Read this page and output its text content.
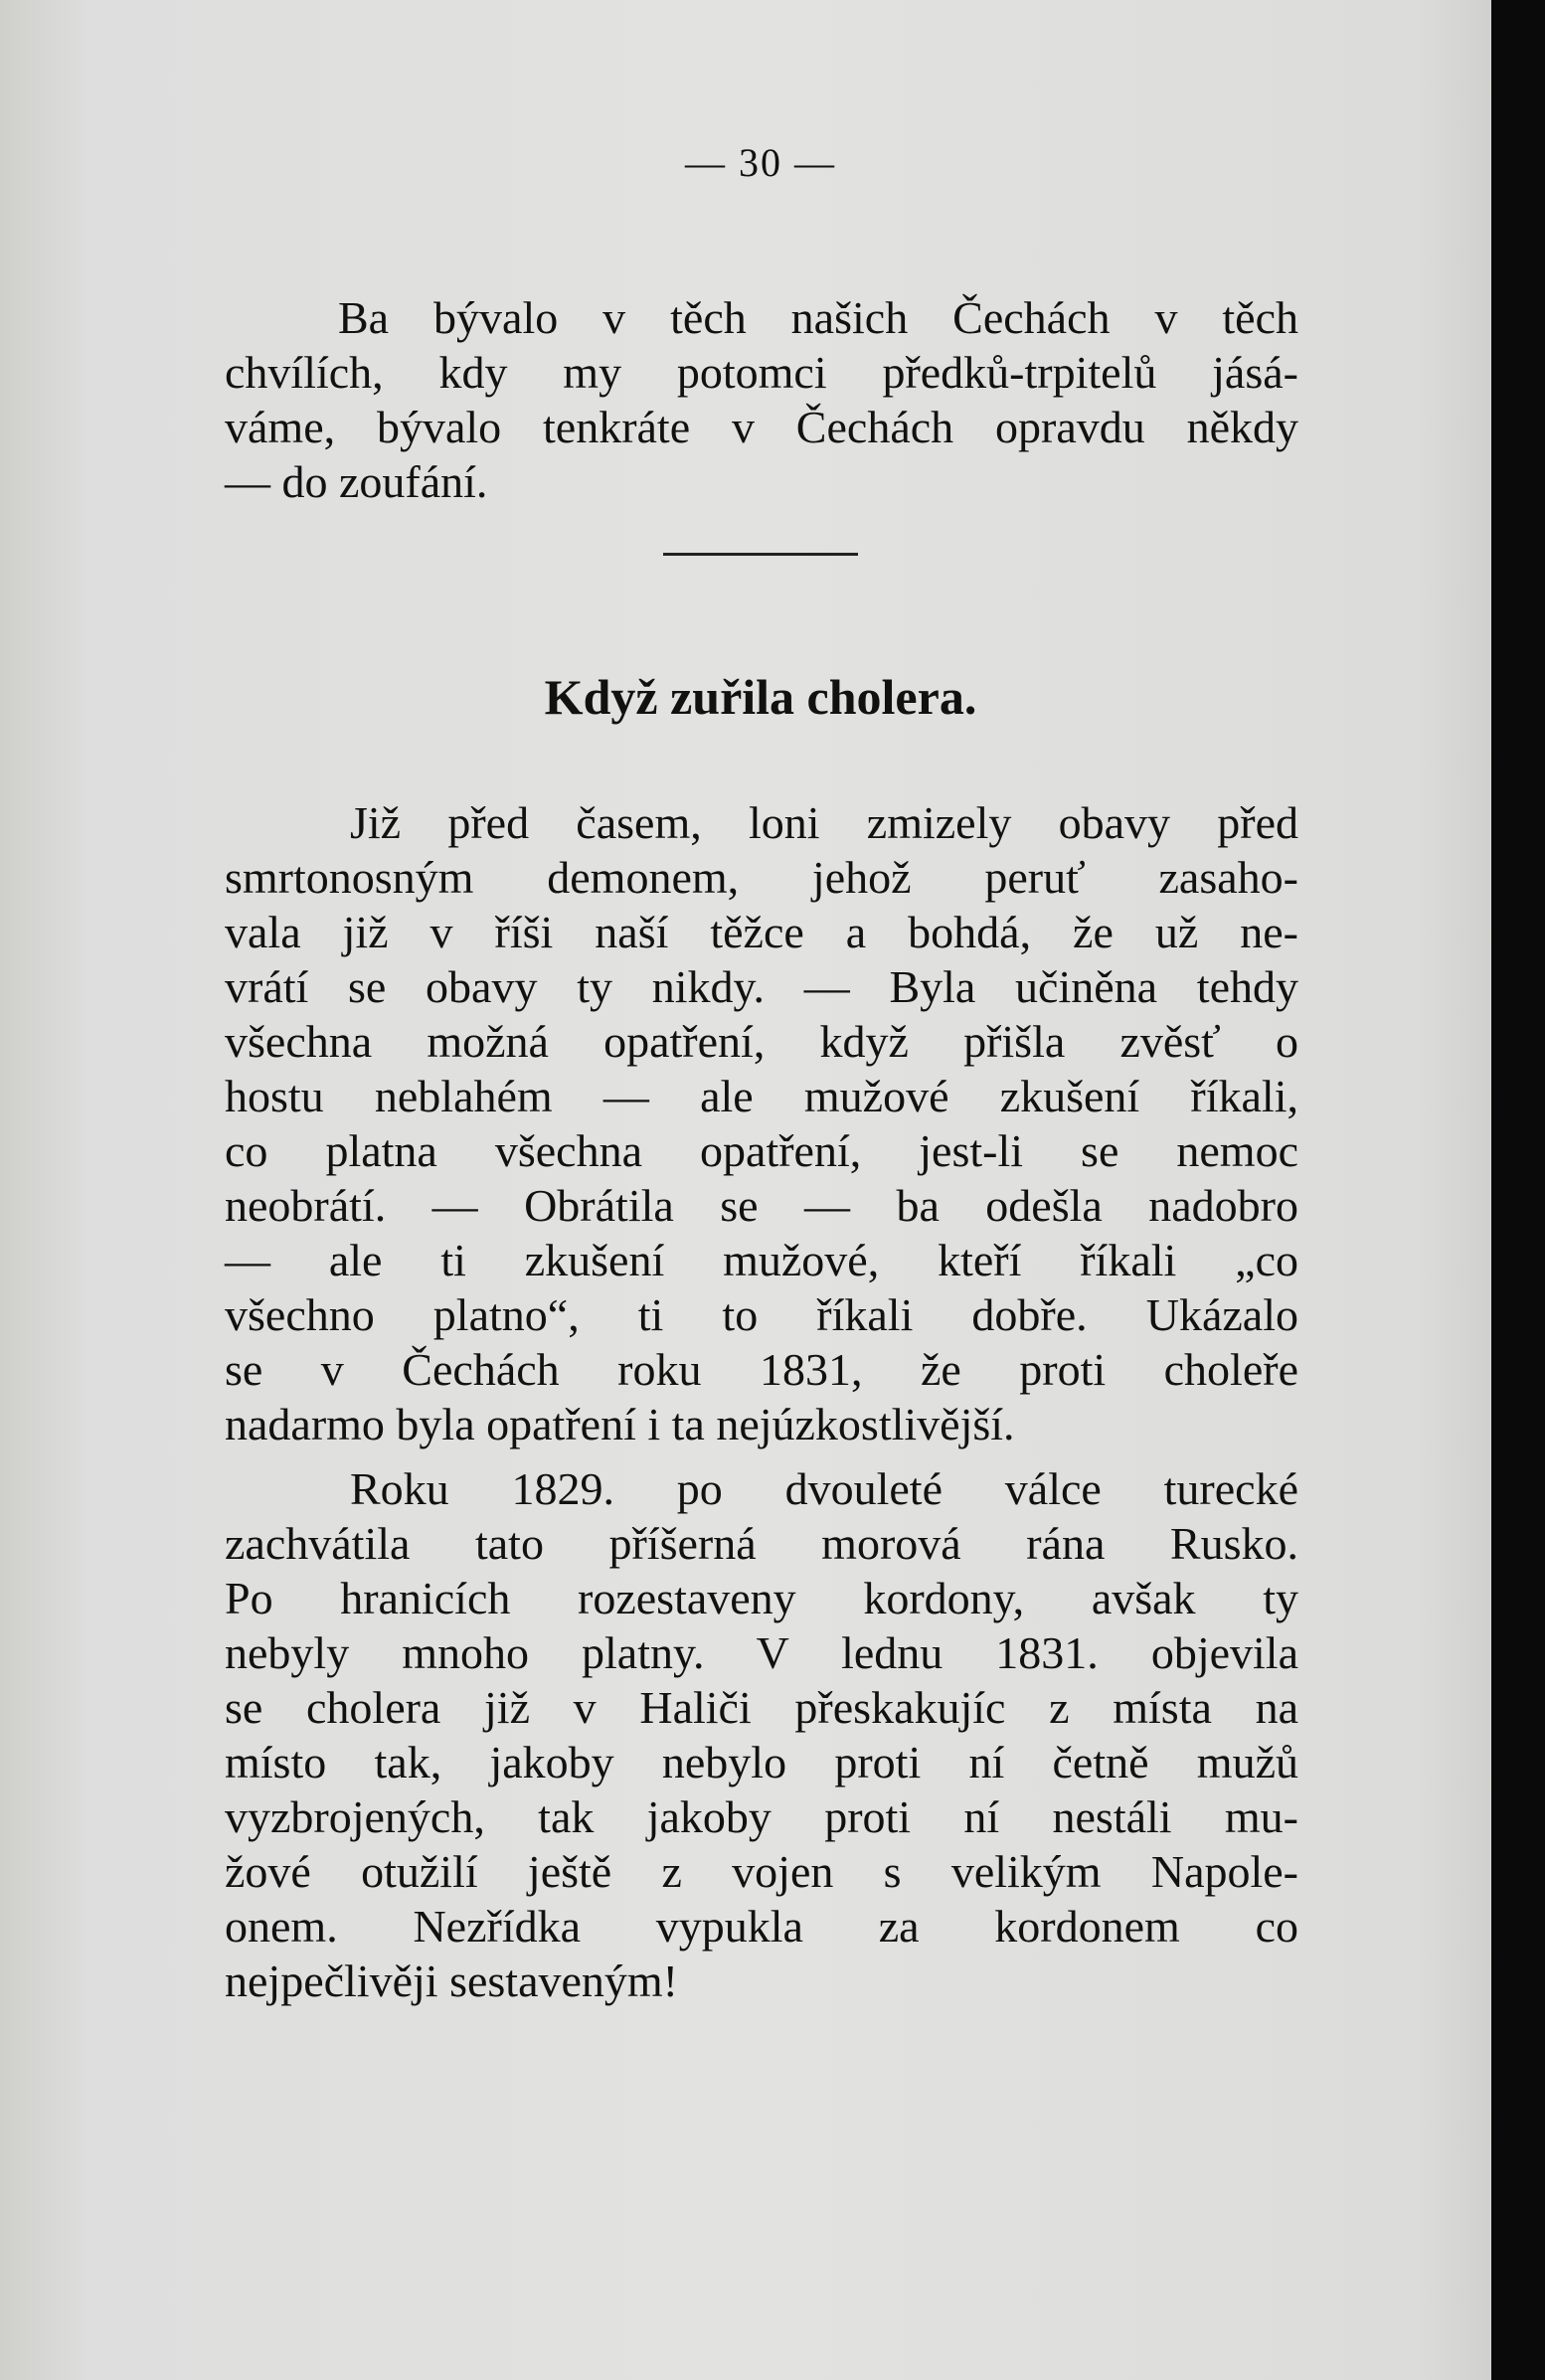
— 30 —

Ba bývalo v těch našich Čechách v těch
chvílích, kdy my potomci předků-trpitelů jásá-
váme, bývalo tenkráte v Čechách opravdu někdy
— do zoufání.

Když zuřila cholera.

Již před časem, loni zmizely obavy před
smrtonosným demonem, jehož peruť zasaho-
vala již v říši naší těžce a bohdá, že už ne-
vrátí se obavy ty nikdy. — Byla učiněna tehdy
všechna možná opatření, když přišla zvěsť o
hostu neblahém — ale mužové zkušení říkali,
co platna všechna opatření, jest-li se nemoc
neobrátí. — Obrátila se — ba odešla nadobro
— ale ti zkušení mužové, kteří říkali „co
všechno platno“, ti to říkali dobře. Ukázalo
se v Čechách roku 1831, že proti choleře
nadarmo byla opatření i ta nejúzkostlivější.

Roku 1829. po dvouleté válce turecké
zachvátila tato příšerná morová rána Rusko.
Po hranicích rozestaveny kordony, avšak ty
nebyly mnoho platny. V lednu 1831. objevila
se cholera již v Haliči přeskakujíc z místa na
místo tak, jakoby nebylo proti ní četně mužů
vyzbrojených, tak jakoby proti ní nestáli mu-
žové otužilí ještě z vojen s velikým Napole-
onem. Nezřídka vypukla za kordonem co
nejpečlivěji sestaveným!
